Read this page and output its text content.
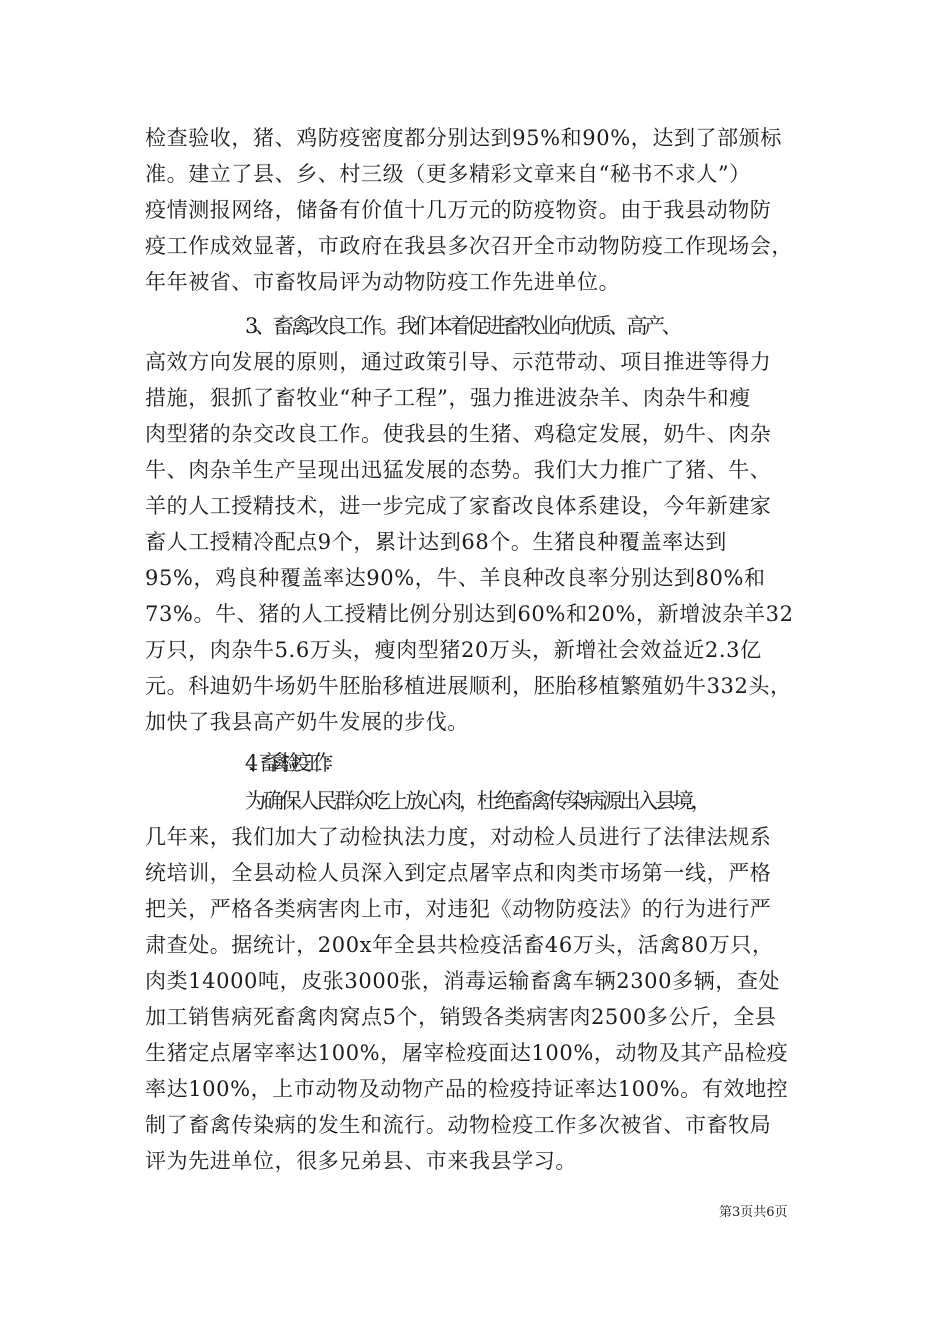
检查验收，猪、鸡防疫密度都分别达到95%和90%，达到了部颁标
准。建立了县、乡、村三级（更多精彩文章来自“秘书不求人”）
疫情测报网络，储备有价值十几万元的防疫物资。由于我县动物防
疫工作成效显著，市政府在我县多次召开全市动物防疫工作现场会，
年年被省、市畜牧局评为动物防疫工作先进单位。
3、畜禽改良工作。我们本着促进畜牧业向优质、高产、
高效方向发展的原则，通过政策引导、示范带动、项目推进等得力
措施，狠抓了畜牧业“种子工程”，强力推进波杂羊、肉杂牛和瘦
肉型猪的杂交改良工作。使我县的生猪、鸡稳定发展，奶牛、肉杂
牛、肉杂羊生产呈现出迅猛发展的态势。我们大力推广了猪、牛、
羊的人工授精技术，进一步完成了家畜改良体系建设，今年新建家
畜人工授精冷配点9个，累计达到68个。生猪良种覆盖率达到
95%，鸡良种覆盖率达90%，牛、羊良种改良率分别达到80%和
73%。牛、猪的人工授精比例分别达到60%和20%，新增波杂羊32
万只，肉杂牛5.6万头，瘦肉型猪20万头，新增社会效益近2.3亿
元。科迪奶牛场奶牛胚胎移植进展顺利，胚胎移植繁殖奶牛332头，
加快了我县高产奶牛发展的步伐。
4、畜禽检疫工作：
为确保人民群众吃上放心肉，杜绝畜禽传染病源出入县境，
几年来，我们加大了动检执法力度，对动检人员进行了法律法规系
统培训，全县动检人员深入到定点屠宰点和肉类市场第一线，严格
把关，严格各类病害肉上市，对违犯《动物防疫法》的行为进行严
肃查处。据统计，200x年全县共检疫活畜46万头，活禽80万只，
肉类14000吨，皮张3000张，消毒运输畜禽车辆2300多辆，查处
加工销售病死畜禽肉窝点5个，销毁各类病害肉2500多公斤，全县
生猪定点屠宰率达100%，屠宰检疫面达100%，动物及其产品检疫
率达100%，上市动物及动物产品的检疫持证率达100%。有效地控
制了畜禽传染病的发生和流行。动物检疫工作多次被省、市畜牧局
评为先进单位，很多兄弟县、市来我县学习。
第3页共6页
